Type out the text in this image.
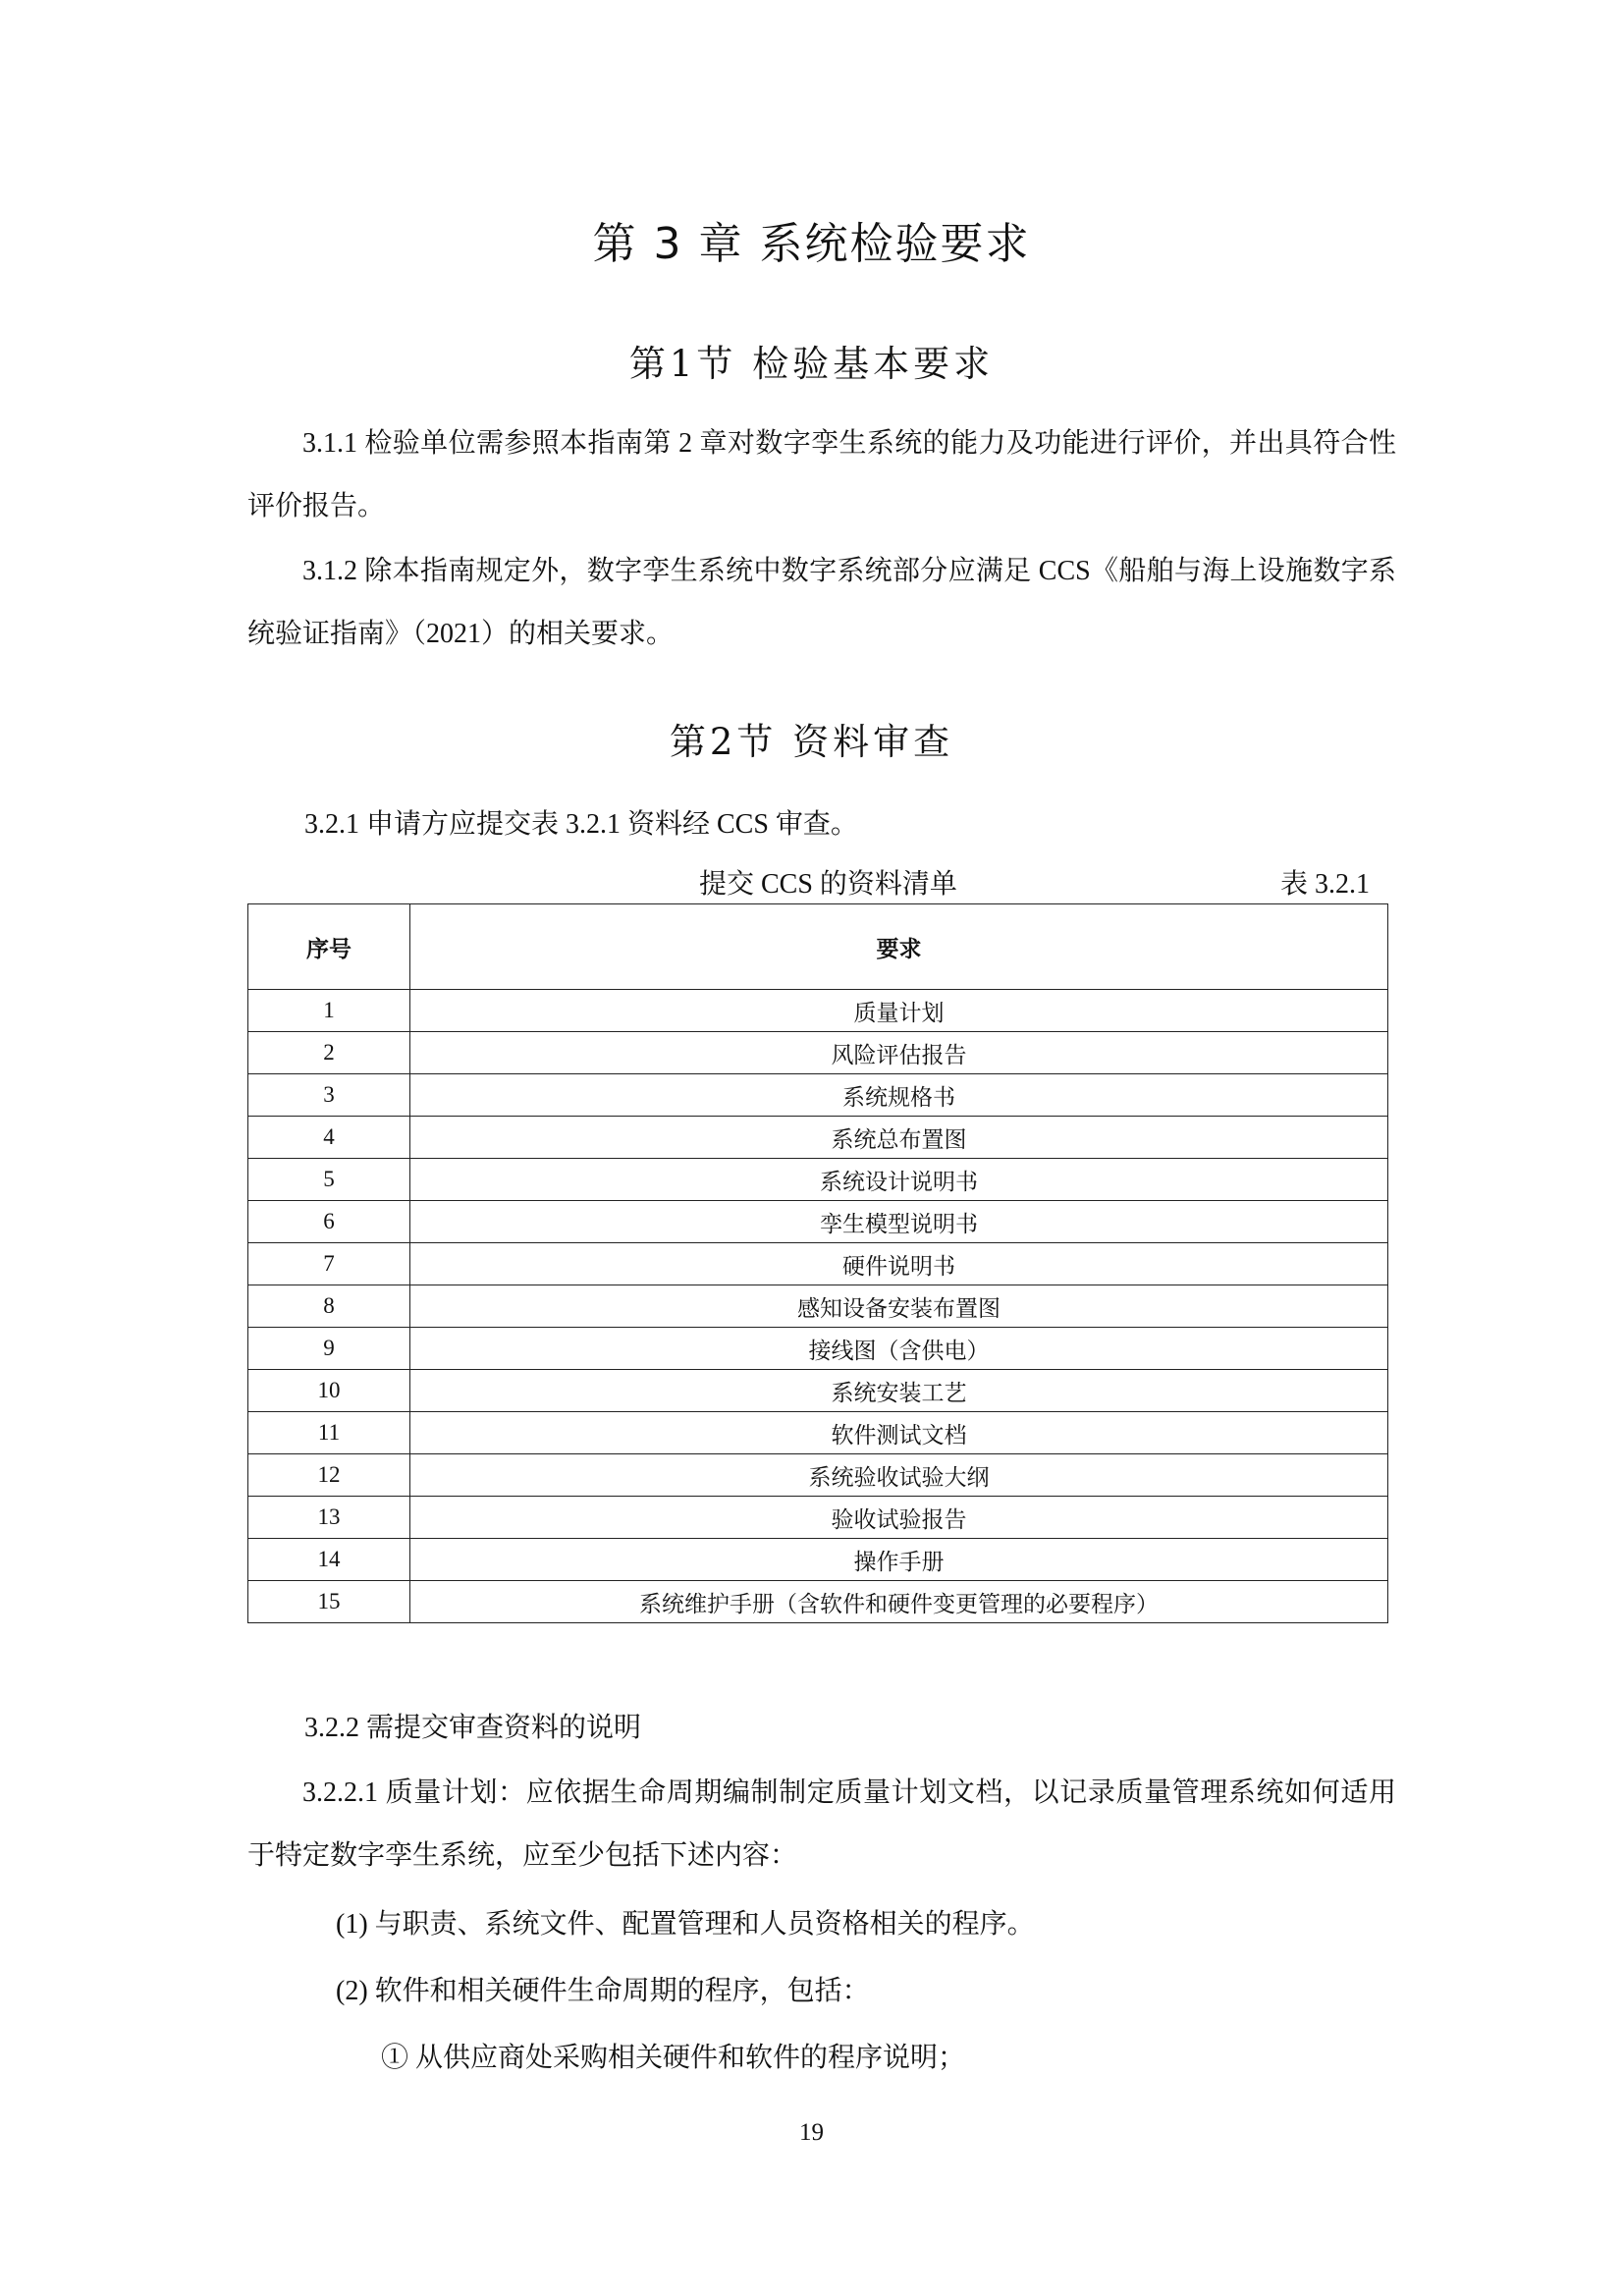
第 3 章 系统检验要求
第1节 检验基本要求
3.1.1 检验单位需参照本指南第 2 章对数字孪生系统的能力及功能进行评价，并出具符合性评价报告。
3.1.2 除本指南规定外，数字孪生系统中数字系统部分应满足 CCS《船舶与海上设施数字系统验证指南》（2021）的相关要求。
第2节 资料审查
3.2.1 申请方应提交表 3.2.1 资料经 CCS 审查。
提交 CCS 的资料清单	表 3.2.1
序号	要求
1	质量计划
2	风险评估报告
3	系统规格书
4	系统总布置图
5	系统设计说明书
6	孪生模型说明书
7	硬件说明书
8	感知设备安装布置图
9	接线图（含供电）
10	系统安装工艺
11	软件测试文档
12	系统验收试验大纲
13	验收试验报告
14	操作手册
15	系统维护手册（含软件和硬件变更管理的必要程序）
3.2.2 需提交审查资料的说明
3.2.2.1 质量计划：应依据生命周期编制制定质量计划文档，以记录质量管理系统如何适用于特定数字孪生系统，应至少包括下述内容：
(1) 与职责、系统文件、配置管理和人员资格相关的程序。
(2) 软件和相关硬件生命周期的程序，包括：
① 从供应商处采购相关硬件和软件的程序说明；
19
